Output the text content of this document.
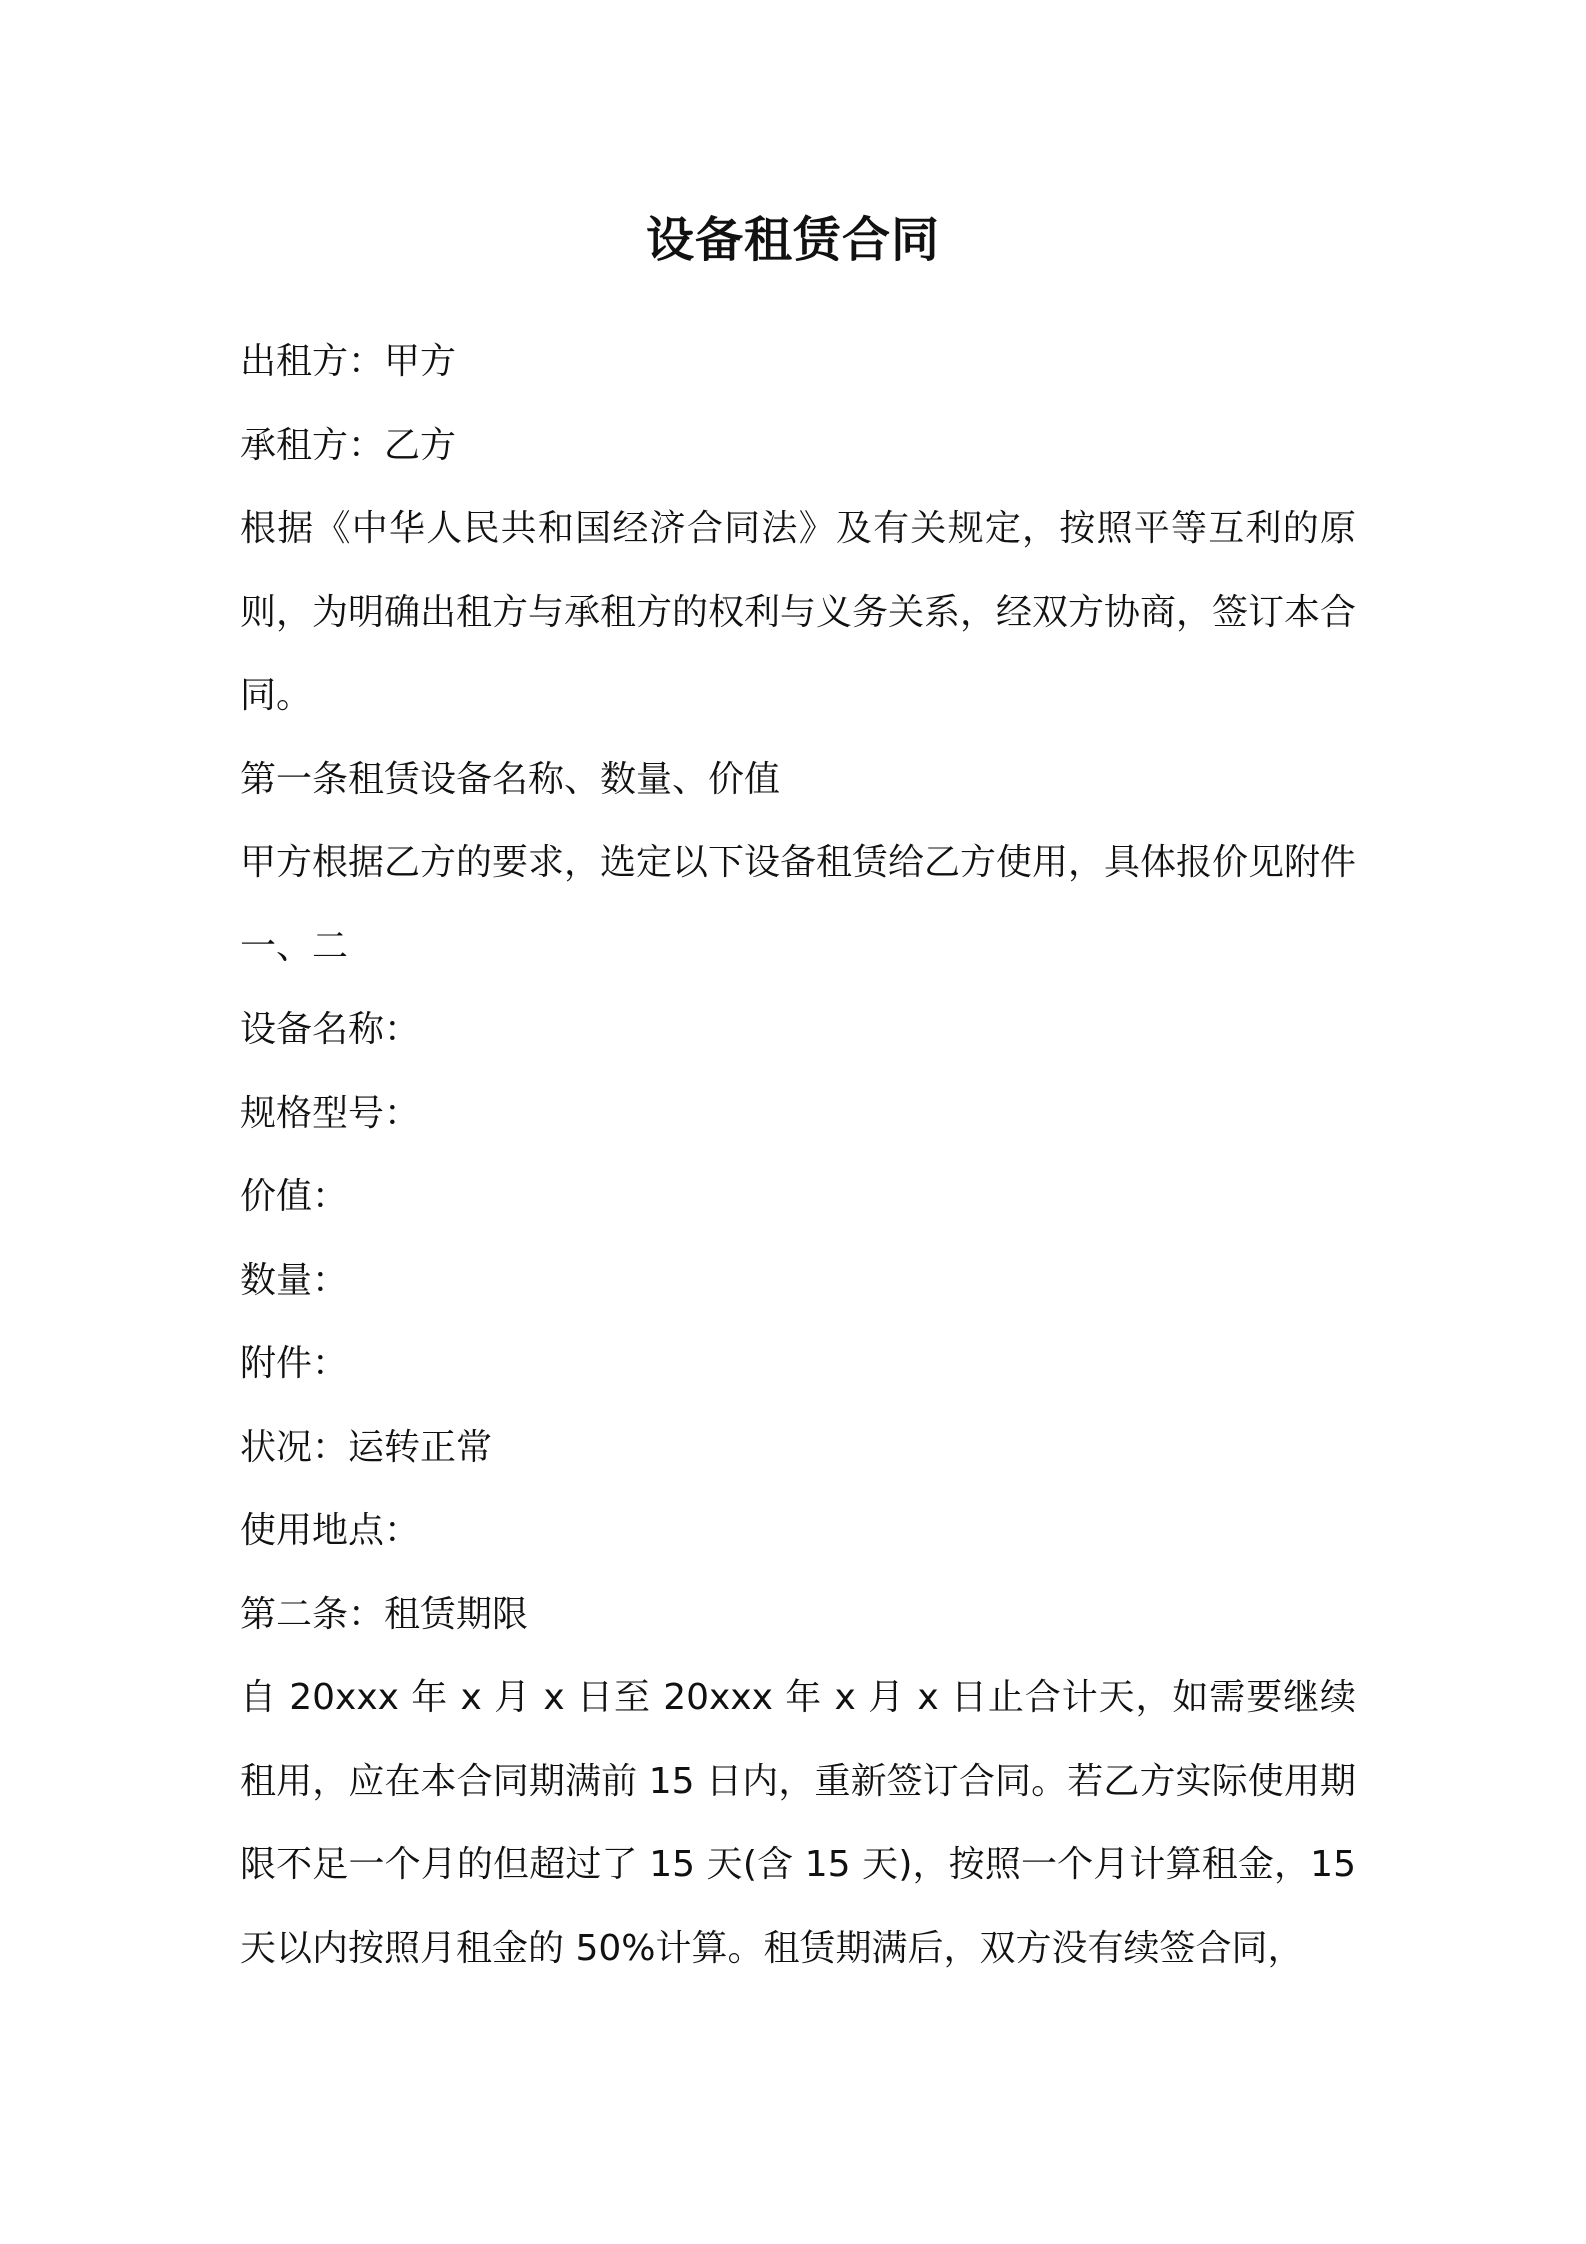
设备租赁合同

出租方：甲方

承租方：乙方

根据《中华人民共和国经济合同法》及有关规定，按照平等互利的原则，为明确出租方与承租方的权利与义务关系，经双方协商，签订本合同。

第一条租赁设备名称、数量、价值

甲方根据乙方的要求，选定以下设备租赁给乙方使用，具体报价见附件一、二

设备名称：

规格型号：

价值：

数量：

附件：

状况：运转正常

使用地点：

第二条：租赁期限

自 20xxx 年 x 月 x 日至 20xxx 年 x 月 x 日止合计天，如需要继续租用，应在本合同期满前 15 日内，重新签订合同。若乙方实际使用期限不足一个月的但超过了 15 天(含 15 天)，按照一个月计算租金，15 天以内按照月租金的 50%计算。租赁期满后，双方没有续签合同，
